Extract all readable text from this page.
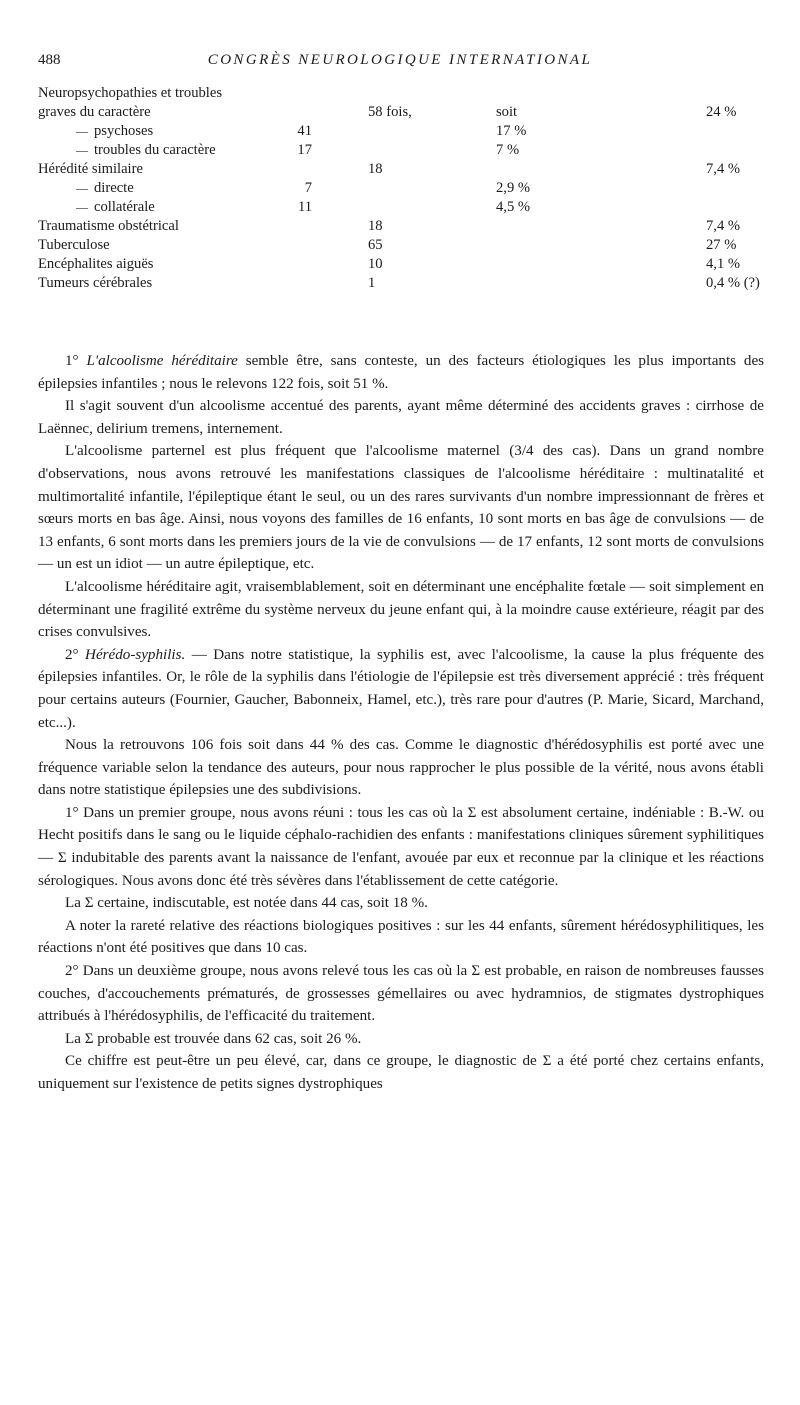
488	CONGRÈS NEUROLOGIQUE INTERNATIONAL
Neuropsychopathies et troubles
graves du caractère	58 fois,	soit	24 %
— psychoses	41	17 %
— troubles du caractère	17	7 %
Hérédité similaire	18	7,4 %
— directe	7	2,9 %
— collatérale	11	4,5 %
Traumatisme obstétrical	18	7,4 %
Tuberculose	65	27 %
Encéphalites aiguës	10	4,1 %
Tumeurs cérébrales	1	0,4 % (?)

1° L'alcoolisme héréditaire semble être, sans conteste, un des facteurs étiologiques les plus importants des épilepsies infantiles ; nous le relevons 122 fois, soit 51 %.

Il s'agit souvent d'un alcoolisme accentué des parents, ayant même déterminé des accidents graves : cirrhose de Laënnec, delirium tremens, internement.

L'alcoolisme parternel est plus fréquent que l'alcoolisme maternel (3/4 des cas). Dans un grand nombre d'observations, nous avons retrouvé les manifestations classiques de l'alcoolisme héréditaire : multinatalité et multimortalité infantile, l'épileptique étant le seul, ou un des rares survivants d'un nombre impressionnant de frères et sœurs morts en bas âge. Ainsi, nous voyons des familles de 16 enfants, 10 sont morts en bas âge de convulsions — de 13 enfants, 6 sont morts dans les premiers jours de la vie de convulsions — de 17 enfants, 12 sont morts de convulsions — un est un idiot — un autre épileptique, etc.

L'alcoolisme héréditaire agit, vraisemblablement, soit en déterminant une encéphalite fœtale — soit simplement en déterminant une fragilité extrême du système nerveux du jeune enfant qui, à la moindre cause extérieure, réagit par des crises convulsives.

2° Hérédo-syphilis. — Dans notre statistique, la syphilis est, avec l'alcoolisme, la cause la plus fréquente des épilepsies infantiles. Or, le rôle de la syphilis dans l'étiologie de l'épilepsie est très diversement apprécié : très fréquent pour certains auteurs (Fournier, Gaucher, Babonneix, Hamel, etc.), très rare pour d'autres (P. Marie, Sicard, Marchand, etc...).

Nous la retrouvons 106 fois soit dans 44 % des cas. Comme le diagnostic d'hérédosyphilis est porté avec une fréquence variable selon la tendance des auteurs, pour nous rapprocher le plus possible de la vérité, nous avons établi dans notre statistique épilepsies une des subdivisions.

1° Dans un premier groupe, nous avons réuni : tous les cas où la Σ est absolument certaine, indéniable : B.-W. ou Hecht positifs dans le sang ou le liquide céphalo-rachidien des enfants : manifestations cliniques sûrement syphilitiques — Σ indubitable des parents avant la naissance de l'enfant, avouée par eux et reconnue par la clinique et les réactions sérologiques. Nous avons donc été très sévères dans l'établissement de cette catégorie.

La Σ certaine, indiscutable, est notée dans 44 cas, soit 18 %.

A noter la rareté relative des réactions biologiques positives : sur les 44 enfants, sûrement hérédosyphilitiques, les réactions n'ont été positives que dans 10 cas.

2° Dans un deuxième groupe, nous avons relevé tous les cas où la Σ est probable, en raison de nombreuses fausses couches, d'accouchements prématurés, de grossesses gémellaires ou avec hydramnios, de stigmates dystrophiques attribués à l'hérédosyphilis, de l'efficacité du traitement.

La Σ probable est trouvée dans 62 cas, soit 26 %.

Ce chiffre est peut-être un peu élevé, car, dans ce groupe, le diagnostic de Σ a été porté chez certains enfants, uniquement sur l'existence de petits signes dystrophiques
